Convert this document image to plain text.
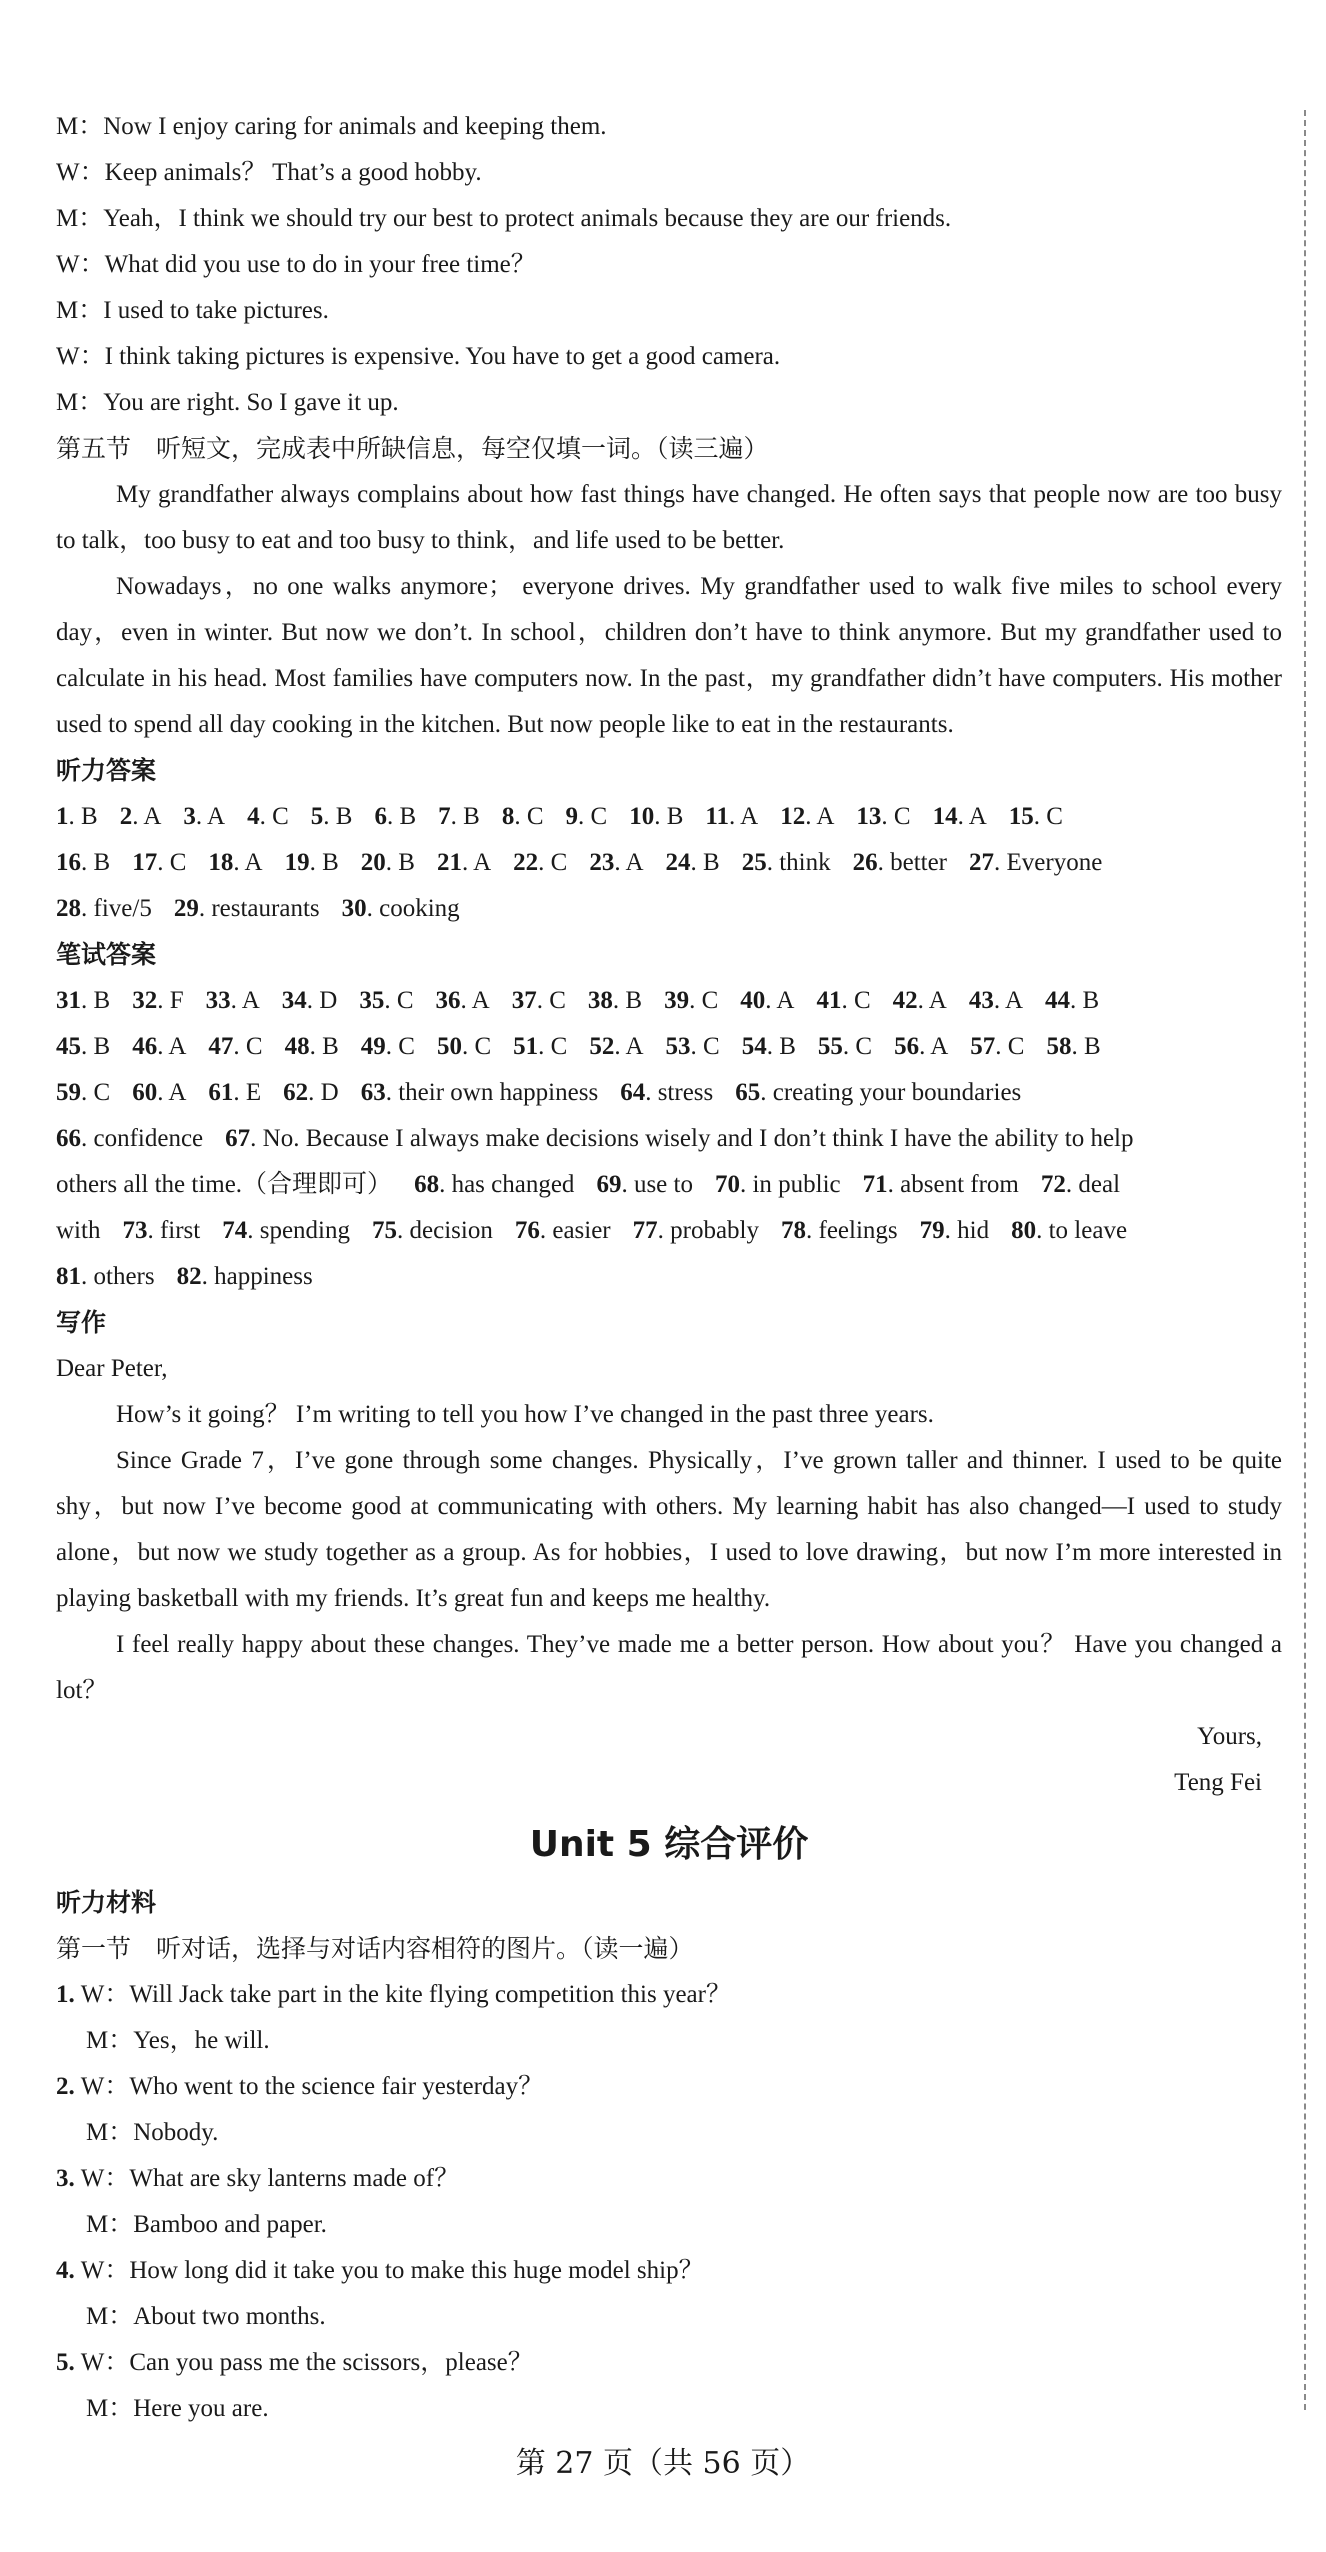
M：Now I enjoy caring for animals and keeping them.
W：Keep animals？ That’s a good hobby.
M：Yeah，I think we should try our best to protect animals because they are our friends.
W：What did you use to do in your free time？
M：I used to take pictures.
W：I think taking pictures is expensive. You have to get a good camera.
M：You are right. So I gave it up.
第五节　听短文，完成表中所缺信息，每空仅填一词。（读三遍）
My grandfather always complains about how fast things have changed. He often says that people now are too busy to talk，too busy to eat and too busy to think，and life used to be better.
Nowadays，no one walks anymore； everyone drives. My grandfather used to walk five miles to school every day，even in winter. But now we don’t. In school，children don’t have to think anymore. But my grandfather used to calculate in his head. Most families have computers now. In the past，my grandfather didn’t have computers. His mother used to spend all day cooking in the kitchen. But now people like to eat in the restaurants.
听力答案
1. B 2. A 3. A 4. C 5. B 6. B 7. B 8. C 9. C 10. B 11. A 12. A 13. C 14. A 15. C
16. B 17. C 18. A 19. B 20. B 21. A 22. C 23. A 24. B 25. think 26. better 27. Everyone
28. five/5 29. restaurants 30. cooking
笔试答案
31. B 32. F 33. A 34. D 35. C 36. A 37. C 38. B 39. C 40. A 41. C 42. A 43. A 44. B
45. B 46. A 47. C 48. B 49. C 50. C 51. C 52. A 53. C 54. B 55. C 56. A 57. C 58. B
59. C 60. A 61. E 62. D 63. their own happiness 64. stress 65. creating your boundaries
66. confidence 67. No. Because I always make decisions wisely and I don’t think I have the ability to help
others all the time.（合理即可） 68. has changed 69. use to 70. in public 71. absent from 72. deal
with 73. first 74. spending 75. decision 76. easier 77. probably 78. feelings 79. hid 80. to leave
81. others 82. happiness
写作
Dear Peter,
How’s it going？ I’m writing to tell you how I’ve changed in the past three years.
Since Grade 7，I’ve gone through some changes. Physically，I’ve grown taller and thinner. I used to be quite shy，but now I’ve become good at communicating with others. My learning habit has also changed—I used to study alone，but now we study together as a group. As for hobbies，I used to love drawing，but now I’m more interested in playing basketball with my friends. It’s great fun and keeps me healthy.
I feel really happy about these changes. They’ve made me a better person. How about you？ Have you changed a lot？
Yours,
Teng Fei
Unit 5 综合评价
听力材料
第一节　听对话，选择与对话内容相符的图片。（读一遍）
1. W：Will Jack take part in the kite flying competition this year？
M：Yes，he will.
2. W：Who went to the science fair yesterday？
M：Nobody.
3. W：What are sky lanterns made of？
M：Bamboo and paper.
4. W：How long did it take you to make this huge model ship？
M：About two months.
5. W：Can you pass me the scissors，please？
M：Here you are.
第 27 页（共 56 页）
